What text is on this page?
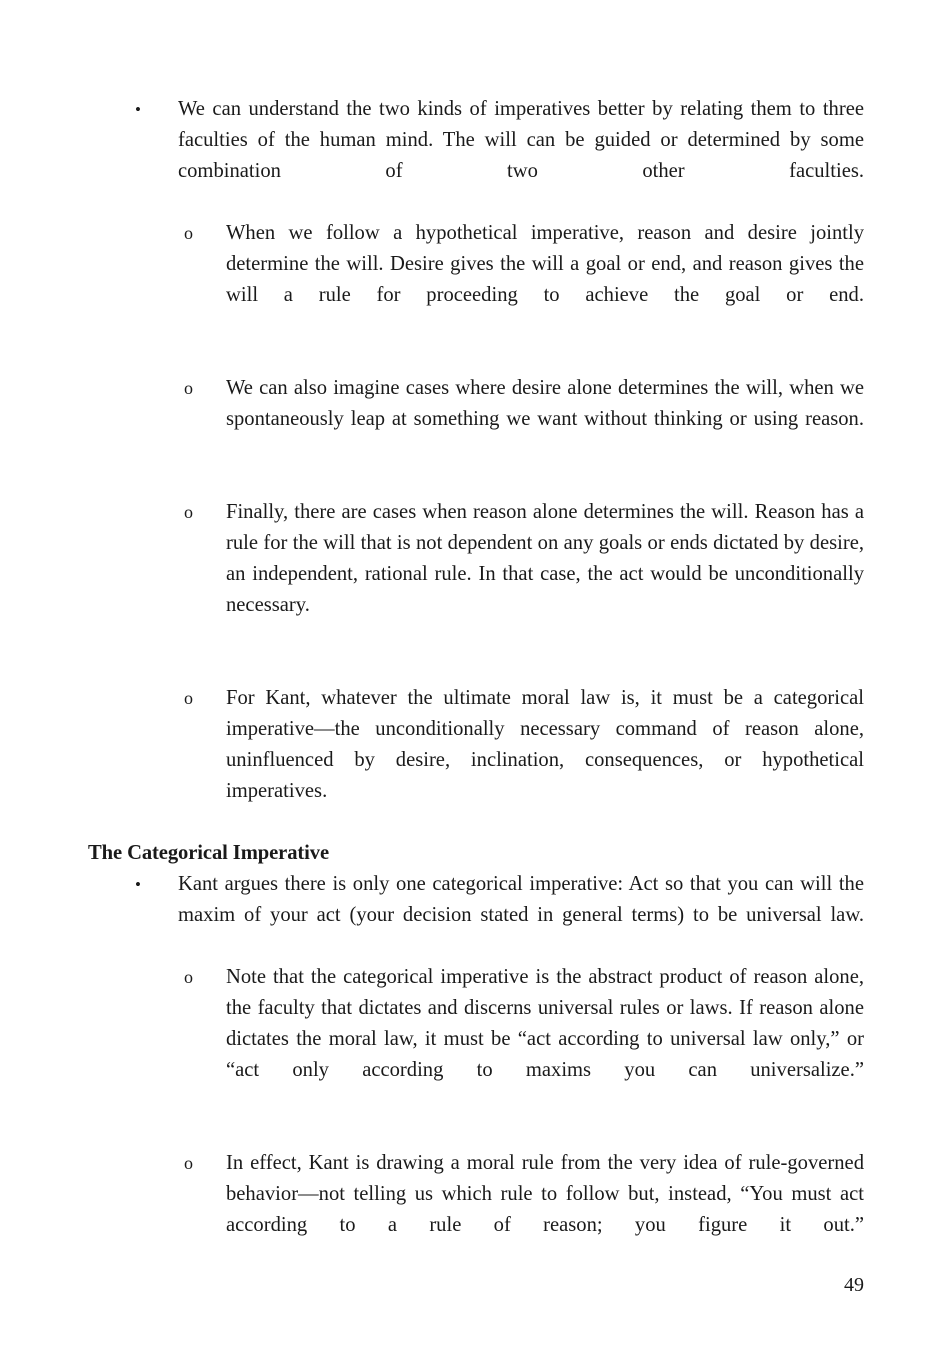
• We can understand the two kinds of imperatives better by relating them to three faculties of the human mind. The will can be guided or determined by some combination of two other faculties.
o When we follow a hypothetical imperative, reason and desire jointly determine the will. Desire gives the will a goal or end, and reason gives the will a rule for proceeding to achieve the goal or end.
o We can also imagine cases where desire alone determines the will, when we spontaneously leap at something we want without thinking or using reason.
o Finally, there are cases when reason alone determines the will. Reason has a rule for the will that is not dependent on any goals or ends dictated by desire, an independent, rational rule. In that case, the act would be unconditionally necessary.
o For Kant, whatever the ultimate moral law is, it must be a categorical imperative—the unconditionally necessary command of reason alone, uninfluenced by desire, inclination, consequences, or hypothetical imperatives.
The Categorical Imperative
• Kant argues there is only one categorical imperative: Act so that you can will the maxim of your act (your decision stated in general terms) to be universal law.
o Note that the categorical imperative is the abstract product of reason alone, the faculty that dictates and discerns universal rules or laws. If reason alone dictates the moral law, it must be “act according to universal law only,” or “act only according to maxims you can universalize.”
o In effect, Kant is drawing a moral rule from the very idea of rule-governed behavior—not telling us which rule to follow but, instead, “You must act according to a rule of reason; you figure it out.”
49
